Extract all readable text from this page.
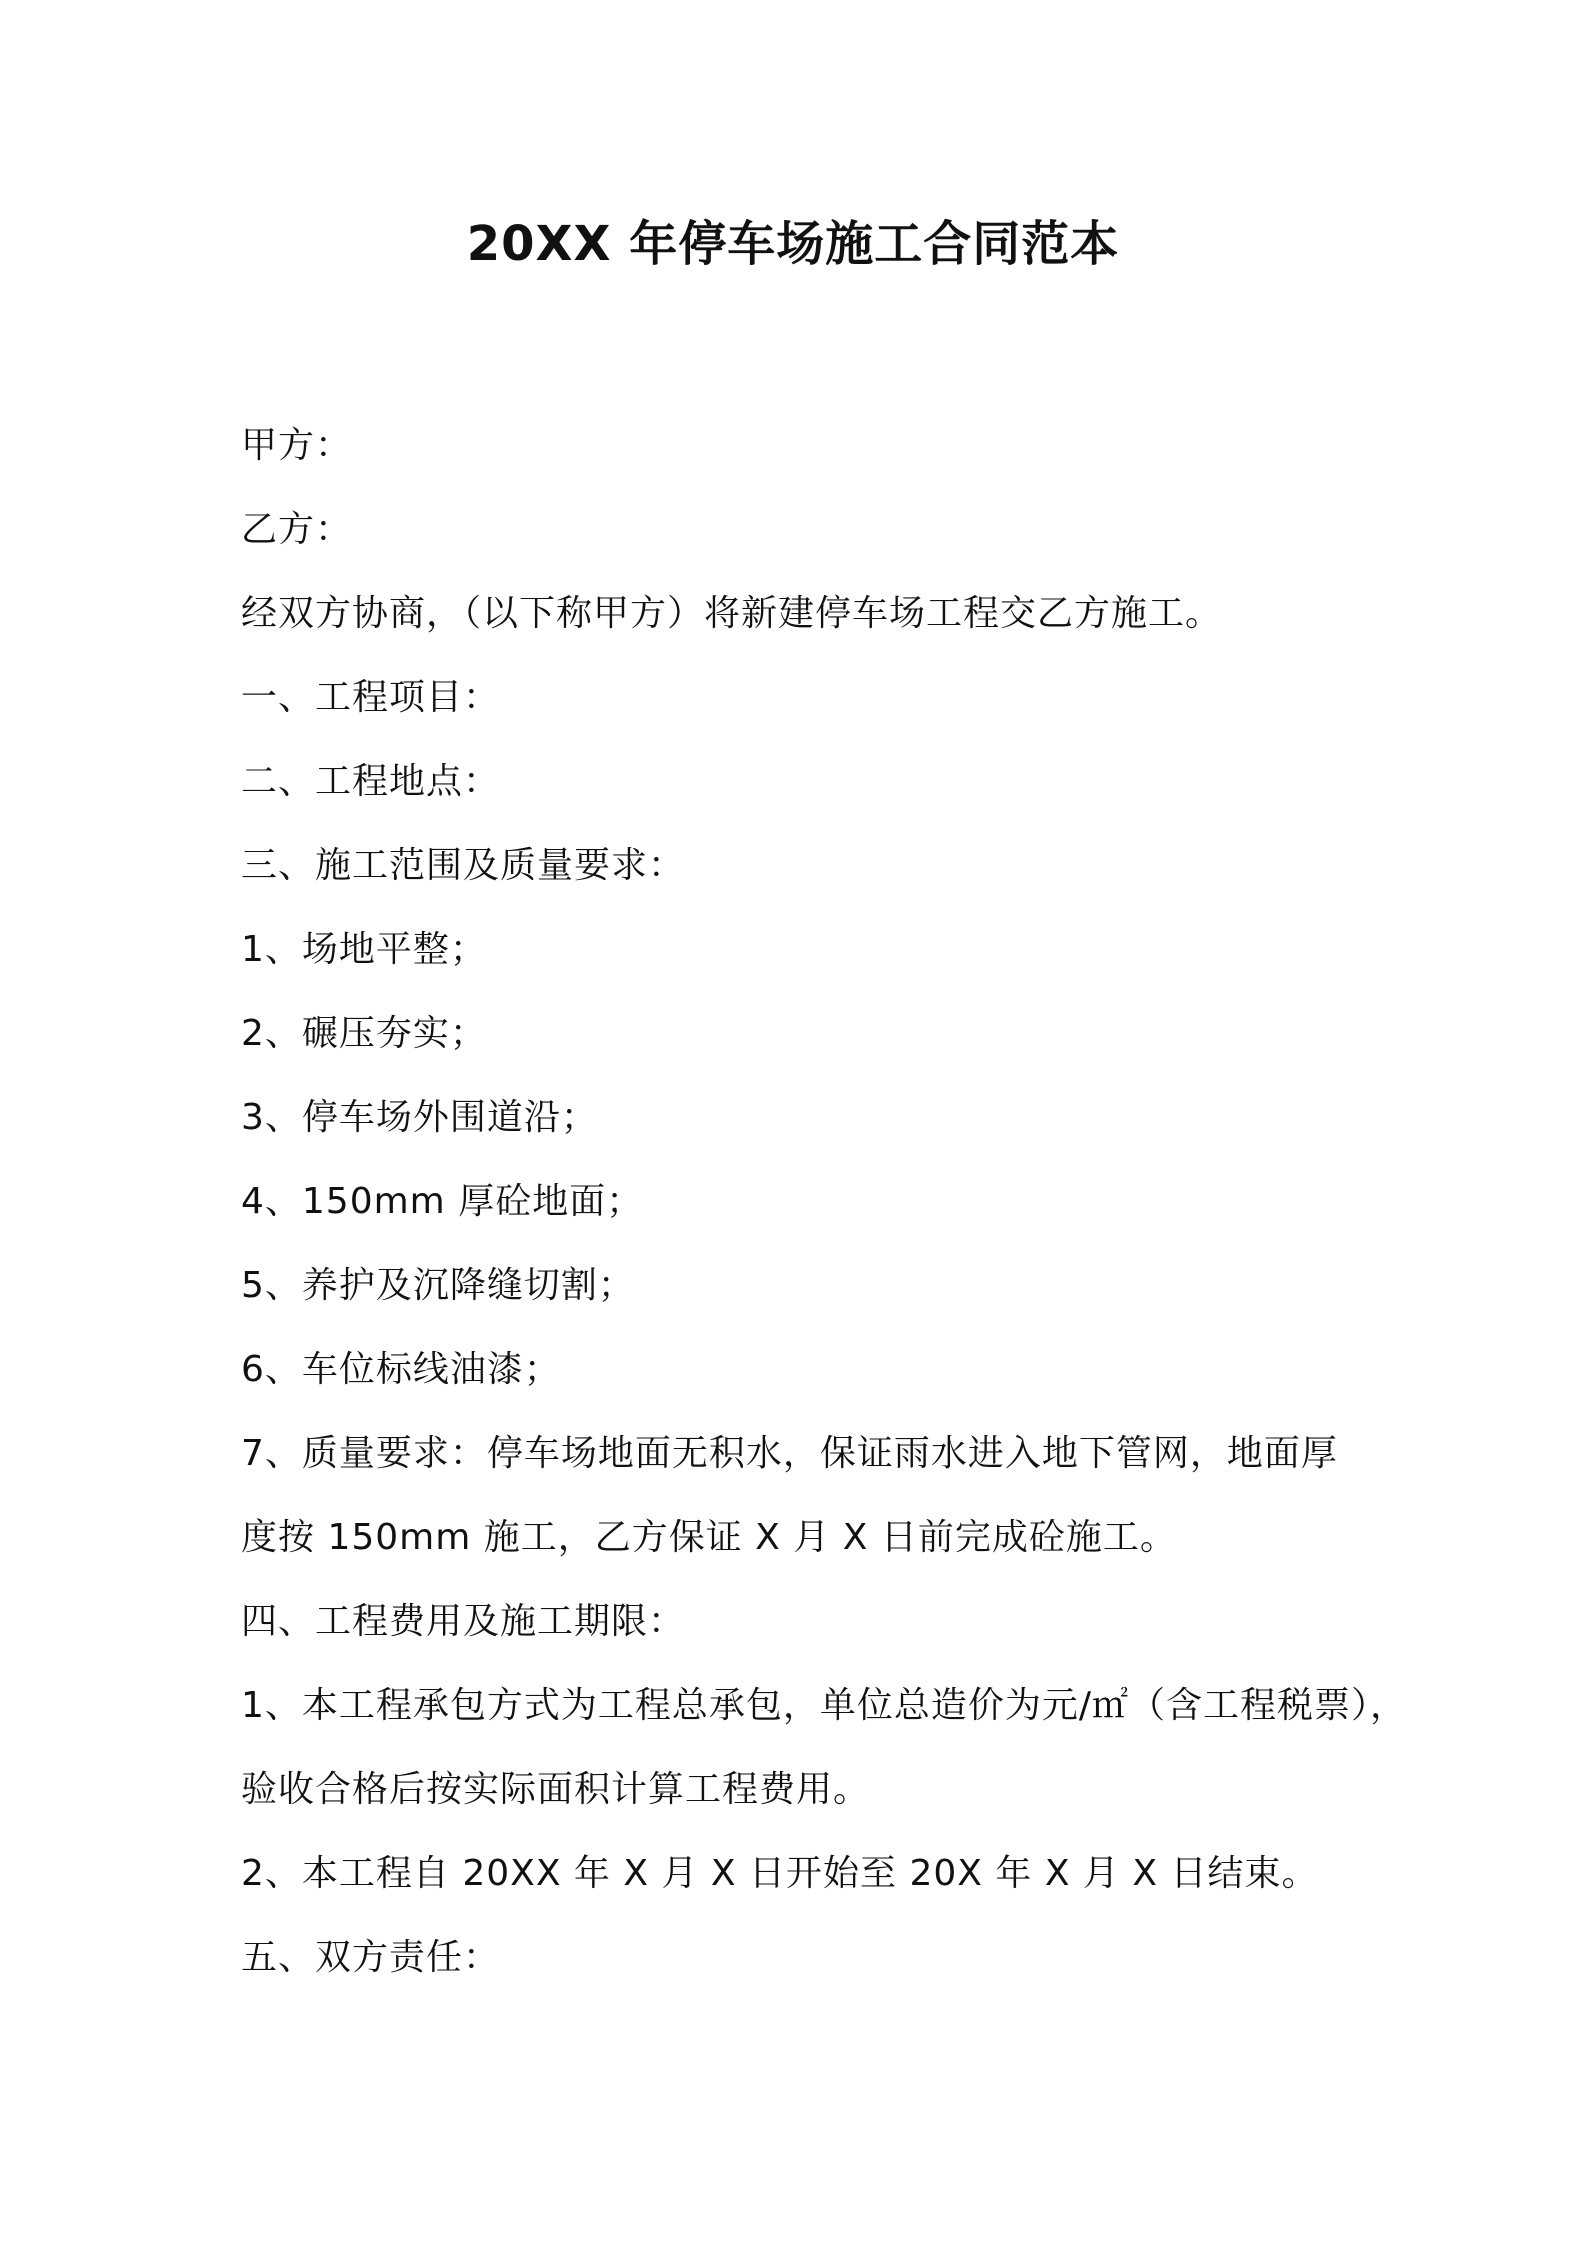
20XX 年停车场施工合同范本
甲方：
乙方：
经双方协商，（以下称甲方）将新建停车场工程交乙方施工。
一、工程项目：
二、工程地点：
三、施工范围及质量要求：
1、场地平整；
2、碾压夯实；
3、停车场外围道沿；
4、150mm 厚砼地面；
5、养护及沉降缝切割；
6、车位标线油漆；
7、质量要求：停车场地面无积水，保证雨水进入地下管网，地面厚
度按 150mm 施工，乙方保证 X 月 X 日前完成砼施工。
四、工程费用及施工期限：
1、本工程承包方式为工程总承包，单位总造价为元/㎡（含工程税票），
验收合格后按实际面积计算工程费用。
2、本工程自 20XX 年 X 月 X 日开始至 20X 年 X 月 X 日结束。
五、双方责任：
